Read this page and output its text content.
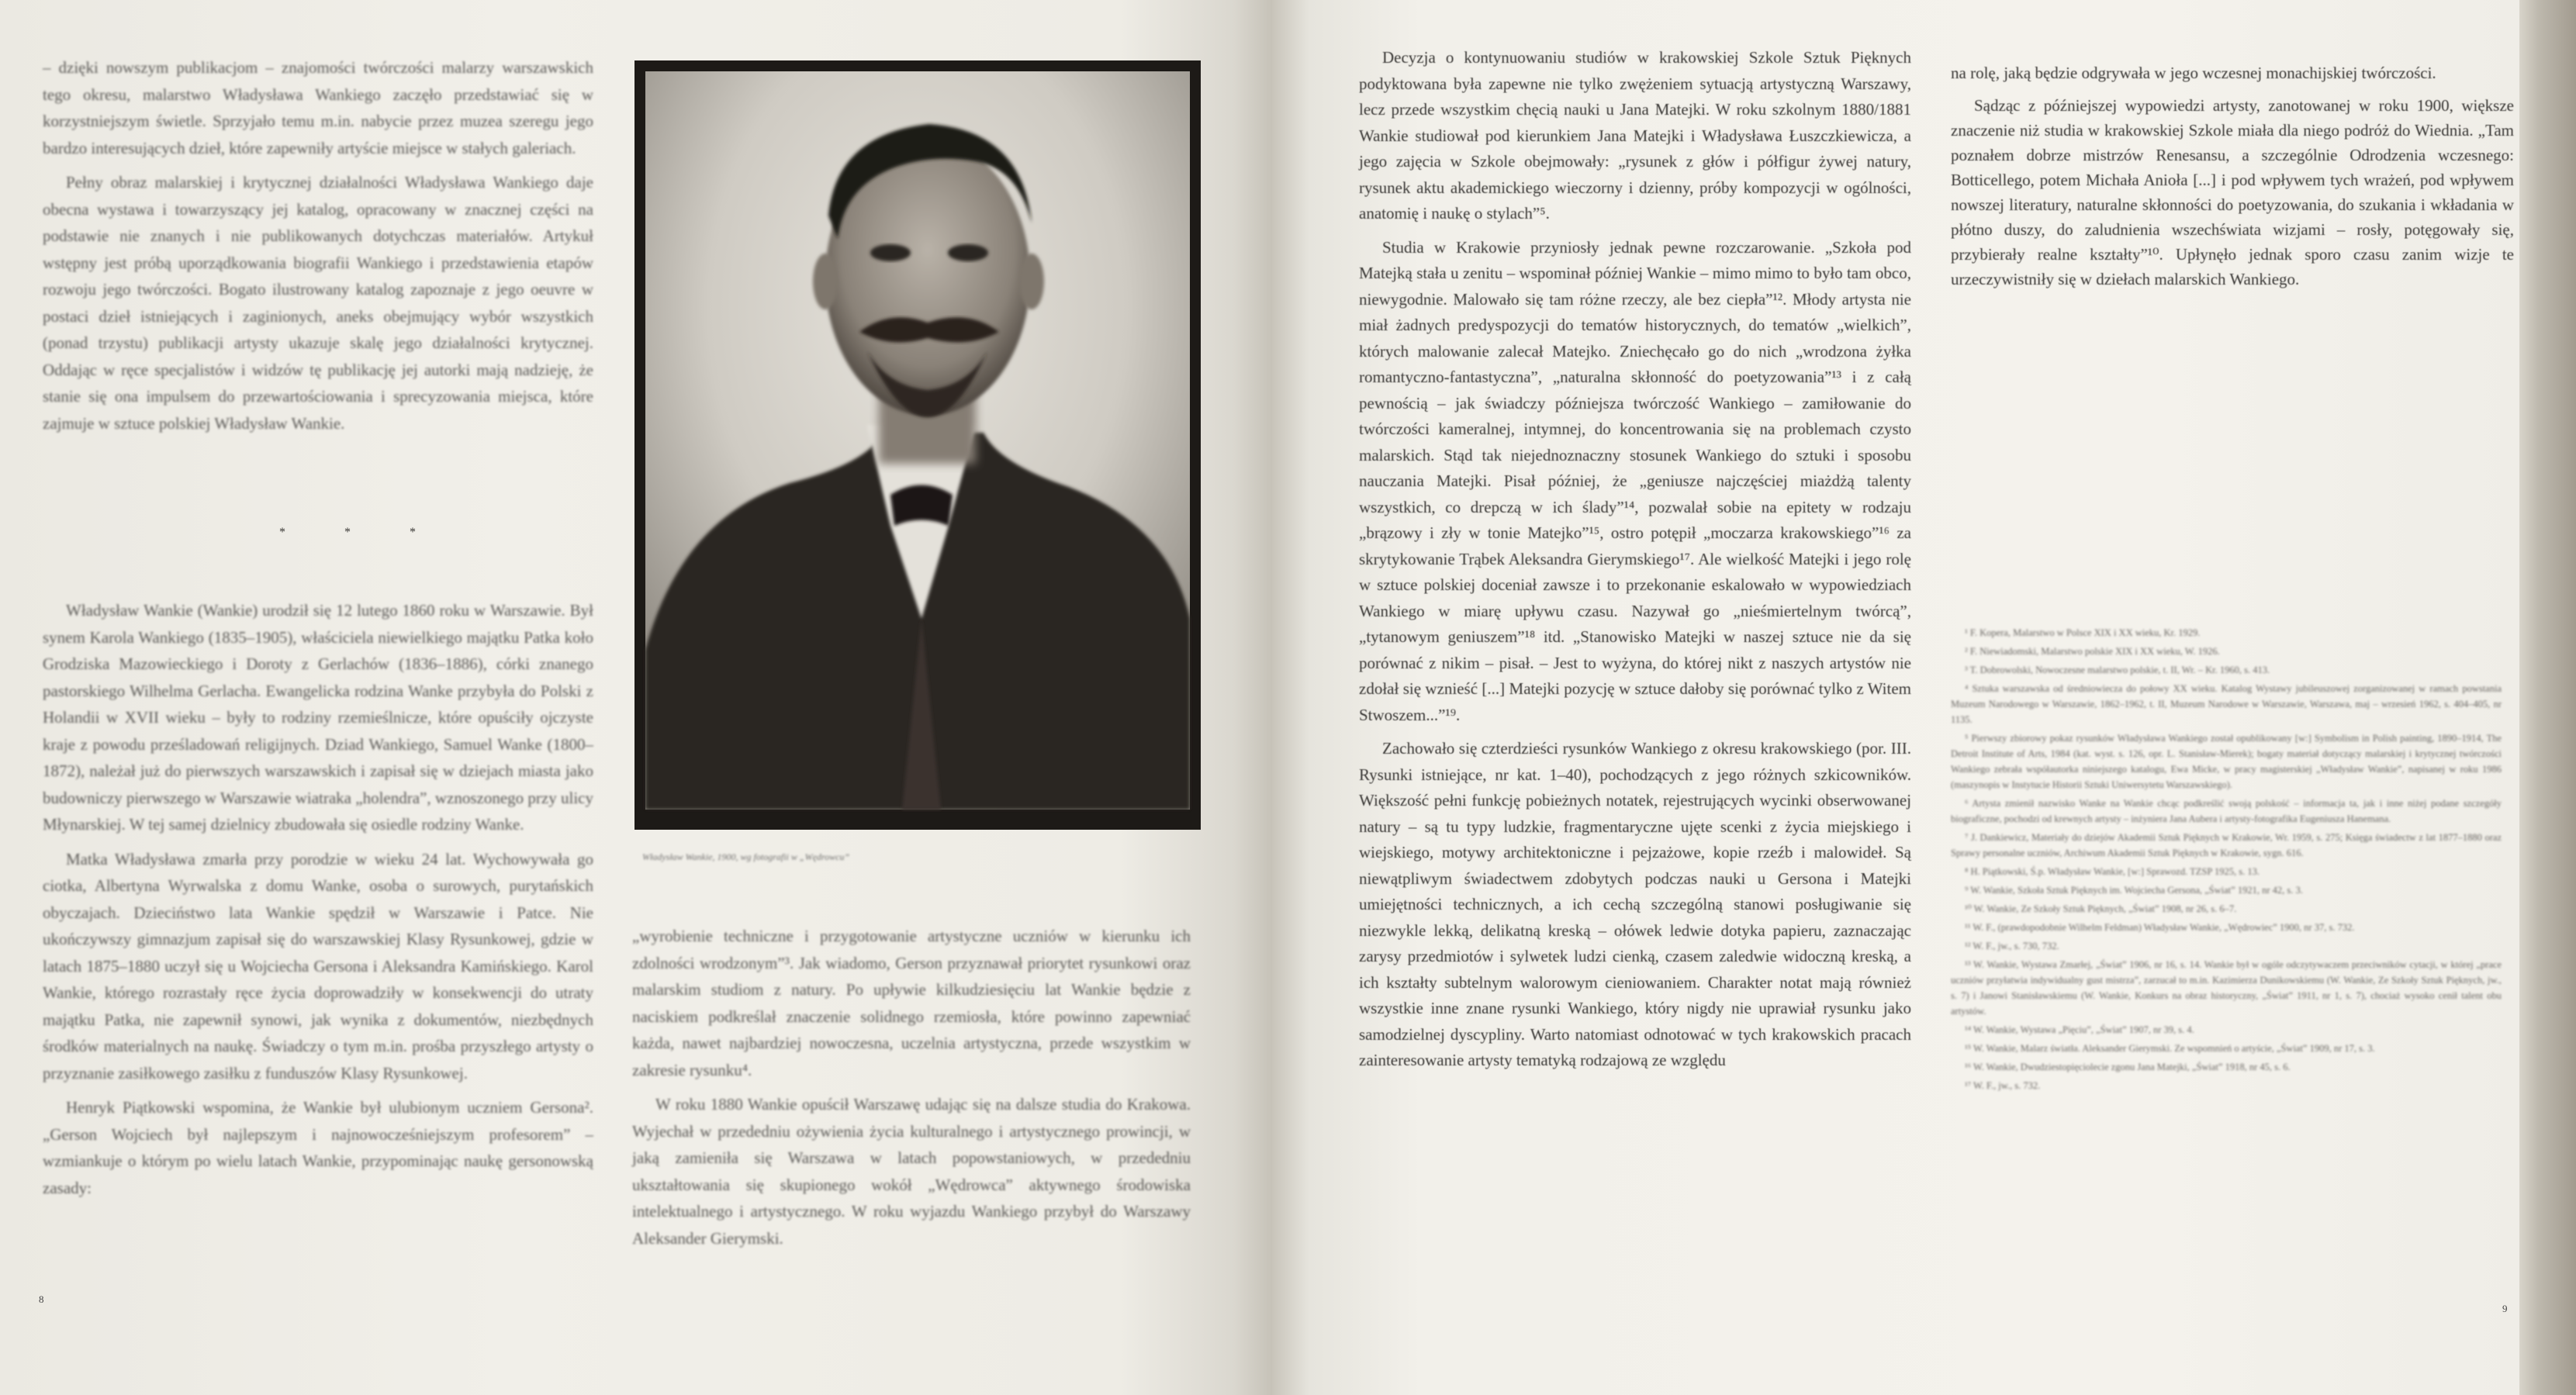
– dzięki nowszym publikacjom – znajomości twórczości malarzy warszawskich tego okresu, malarstwo Władysława Wankiego zaczęło przedstawiać się w korzystniejszym świetle. Sprzyjało temu m.in. nabycie przez muzea szeregu jego bardzo interesujących dzieł, które zapewniły artyście miejsce w stałych galeriach.

Pełny obraz malarskiej i krytycznej działalności Władysława Wankiego daje obecna wystawa i towarzyszący jej katalog, opracowany w znacznej części na podstawie nie znanych i nie publikowanych dotychczas materiałów. Artykuł wstępny jest próbą uporządkowania biografii Wankiego i przedstawienia etapów rozwoju jego twórczości. Bogato ilustrowany katalog zapoznaje z jego oeuvre w postaci dzieł istniejących i zaginionych, aneks obejmujący wybór wszystkich (ponad trzystu) publikacji artysty ukazuje skalę jego działalności krytycznej. Oddając w ręce specjalistów i widzów tę publikację jej autorki mają nadzieję, że stanie się ona impulsem do przewartościowania i sprecyzowania miejsca, które zajmuje w sztuce polskiej Władysław Wankie.

* * *

Władysław Wankie (Wankie) urodził się 12 lutego 1860 roku w Warszawie. Był synem Karola Wankiego (1835–1905), właściciela niewielkiego majątku Patka koło Grodziska Mazowieckiego i Doroty z Gerlachów (1836–1886), córki znanego pastorskiego Wilhelma Gerlacha. Ewangelicka rodzina Wanke przybyła do Polski z Holandii w XVII wieku – były to rodziny rzemieślnicze, które opuściły ojczyste kraje z powodu prześladowań religijnych. Dziad Wankiego, Samuel Wanke (1800–1872), należał już do pierwszych warszawskich i zapisał się w dziejach miasta jako budowniczy pierwszego w Warszawie wiatraka „holendra”, wznoszonego przy ulicy Młynarskiej. W tej samej dzielnicy zbudowała się osiedle rodziny Wanke.

Matka Władysława zmarła przy porodzie w wieku 24 lat. Wychowywała go ciotka, Albertyna Wyrwalska z domu Wanke, osoba o surowych, purytańskich obyczajach. Dzieciństwo lata Wankie spędził w Warszawie i Patce. Nie ukończywszy gimnazjum zapisał się do warszawskiej Klasy Rysunkowej, gdzie w latach 1875–1880 uczył się u Wojciecha Gersona i Aleksandra Kamińskiego. Karol Wankie, którego rozrastały ręce życia doprowadziły w konsekwencji do utraty majątku Patka, nie zapewnił synowi, jak wynika z dokumentów, niezbędnych środków materialnych na naukę. Świadczy o tym m.in. prośba przyszłego artysty o przyznanie zasiłkowego zasiłku z funduszów Klasy Rysunkowej.

Henryk Piątkowski wspomina, że Wankie był ulubionym uczniem Gersona². „Gerson Wojciech był najlepszym i najnowocześniejszym profesorem” – wzmiankuje o którym po wielu latach Wankie, przypominając naukę gersonowską zasady:

Władysław Wankie, 1900, wg fotografii w „Wędrowcu”

„wyrobienie techniczne i przygotowanie artystyczne uczniów w kierunku ich zdolności wrodzonym”³. Jak wiadomo, Gerson przyznawał priorytet rysunkowi oraz malarskim studiom z natury. Po upływie kilkudziesięciu lat Wankie będzie z naciskiem podkreślał znaczenie solidnego rzemiosła, które powinno zapewniać każda, nawet najbardziej nowoczesna, uczelnia artystyczna, przede wszystkim w zakresie rysunku⁴.

W roku 1880 Wankie opuścił Warszawę udając się na dalsze studia do Krakowa. Wyjechał w przededniu ożywienia życia kulturalnego i artystycznego prowincji, w jaką zamieniła się Warszawa w latach popowstaniowych, w przededniu ukształtowania się skupionego wokół „Wędrowca” aktywnego środowiska intelektualnego i artystycznego. W roku wyjazdu Wankiego przybył do Warszawy Aleksander Gierymski.

8

Decyzja o kontynuowaniu studiów w krakowskiej Szkole Sztuk Pięknych podyktowana była zapewne nie tylko zwężeniem sytuacją artystyczną Warszawy, lecz przede wszystkim chęcią nauki u Jana Matejki. W roku szkolnym 1880/1881 Wankie studiował pod kierunkiem Jana Matejki i Władysława Łuszczkiewicza, a jego zajęcia w Szkole obejmowały: „rysunek z głów i półfigur żywej natury, rysunek aktu akademickiego wieczorny i dzienny, próby kompozycji w ogólności, anatomię i naukę o stylach”⁵.

Studia w Krakowie przyniosły jednak pewne rozczarowanie. „Szkoła pod Matejką stała u zenitu – wspominał później Wankie – mimo mimo to było tam obco, niewygodnie. Malowało się tam różne rzeczy, ale bez ciepła”¹². Młody artysta nie miał żadnych predyspozycji do tematów historycznych, do tematów „wielkich”, których malowanie zalecał Matejko. Zniechęcało go do nich „wrodzona żyłka romantyczno-fantastyczna”, „naturalna skłonność do poetyzowania”¹³ i z całą pewnością – jak świadczy późniejsza twórczość Wankiego – zamiłowanie do twórczości kameralnej, intymnej, do koncentrowania się na problemach czysto malarskich. Stąd tak niejednoznaczny stosunek Wankiego do sztuki i sposobu nauczania Matejki. Pisał później, że „geniusze najczęściej miażdżą talenty wszystkich, co drepczą w ich ślady”¹⁴, pozwalał sobie na epitety w rodzaju „brązowy i zły w tonie Matejko”¹⁵, ostro potępił „moczarza krakowskiego”¹⁶ za skrytykowanie Trąbek Aleksandra Gierymskiego¹⁷. Ale wielkość Matejki i jego rolę w sztuce polskiej doceniał zawsze i to przekonanie eskalowało w wypowiedziach Wankiego w miarę upływu czasu. Nazywał go „nieśmiertelnym twórcą”, „tytanowym geniuszem”¹⁸ itd. „Stanowisko Matejki w naszej sztuce nie da się porównać z nikim – pisał. – Jest to wyżyna, do której nikt z naszych artystów nie zdołał się wznieść [...] Matejki pozycję w sztuce dałoby się porównać tylko z Witem Stwoszem...”¹⁹.

Zachowało się czterdzieści rysunków Wankiego z okresu krakowskiego (por. III. Rysunki istniejące, nr kat. 1–40), pochodzących z jego różnych szkicowników. Większość pełni funkcję pobieżnych notatek, rejestrujących wycinki obserwowanej natury – są tu typy ludzkie, fragmentaryczne ujęte scenki z życia miejskiego i wiejskiego, motywy architektoniczne i pejzażowe, kopie rzeźb i malowideł. Są niewątpliwym świadectwem zdobytych podczas nauki u Gersona i Matejki umiejętności technicznych, a ich cechą szczególną stanowi posługiwanie się niezwykle lekką, delikatną kreską – ołówek ledwie dotyka papieru, zaznaczając zarysy przedmiotów i sylwetek ludzi cienką, czasem zaledwie widoczną kreską, a ich kształty subtelnym walorowym cieniowaniem. Charakter notat mają również wszystkie inne znane rysunki Wankiego, który nigdy nie uprawiał rysunku jako samodzielnej dyscypliny. Warto natomiast odnotować w tych krakowskich pracach zainteresowanie artysty tematyką rodzajową ze względu

na rolę, jaką będzie odgrywała w jego wczesnej monachijskiej twórczości.

Sądząc z późniejszej wypowiedzi artysty, zanotowanej w roku 1900, większe znaczenie niż studia w krakowskiej Szkole miała dla niego podróż do Wiednia. „Tam poznałem dobrze mistrzów Renesansu, a szczególnie Odrodzenia wczesnego: Botticellego, potem Michała Anioła [...] i pod wpływem tych wrażeń, pod wpływem nowszej literatury, naturalne skłonności do poetyzowania, do szukania i wkładania w płótno duszy, do zaludnienia wszechświata wizjami – rosły, potęgowały się, przybierały realne kształty”¹⁰. Upłynęło jednak sporo czasu zanim wizje te urzeczywistniły się w dziełach malarskich Wankiego.

¹ F. Kopera, Malarstwo w Polsce XIX i XX wieku, Kr. 1929.
² F. Niewiadomski, Malarstwo polskie XIX i XX wieku, W. 1926.
³ T. Dobrowolski, Nowoczesne malarstwo polskie, t. II, Wr. – Kr. 1960, s. 413.
⁴ Sztuka warszawska od średniowiecza do połowy XX wieku. Katalog Wystawy jubileuszowej zorganizowanej w ramach powstania Muzeum Narodowego w Warszawie, 1862–1962, t. II, Muzeum Narodowe w Warszawie, Warszawa, maj – wrzesień 1962, s. 404–405, nr 1135.
⁵ Pierwszy zbiorowy pokaz rysunków Władysława Wankiego został opublikowany [w:] Symbolism in Polish painting, 1890–1914, The Detroit Institute of Arts, 1984 (kat. wyst. s. 126, opr. L. Stanisław-Mierek); bogaty materiał dotyczący malarskiej i krytycznej twórczości Wankiego zebrała współautorka niniejszego katalogu, Ewa Micke, w pracy magisterskiej „Władysław Wankie”, napisanej w roku 1986 (maszynopis w Instytucie Historii Sztuki Uniwersytetu Warszawskiego).
⁶ Artysta zmienił nazwisko Wanke na Wankie chcąc podkreślić swoją polskość – informacja ta, jak i inne niżej podane szczegóły biograficzne, pochodzi od krewnych artysty – inżyniera Jana Aubera i artysty-fotografika Eugeniusza Hanemana.
⁷ J. Dankiewicz, Materiały do dziejów Akademii Sztuk Pięknych w Krakowie, Wr. 1959, s. 275; Księga świadectw z lat 1877–1880 oraz Sprawy personalne uczniów, Archiwum Akademii Sztuk Pięknych w Krakowie, sygn. 616.
⁸ H. Piątkowski, Ś.p. Władysław Wankie, [w:] Sprawozd. TZSP 1925, s. 13.
⁹ W. Wankie, Szkoła Sztuk Pięknych im. Wojciecha Gersona, „Świat” 1921, nr 42, s. 3.
¹⁰ W. Wankie, Ze Szkoły Sztuk Pięknych, „Świat” 1908, nr 26, s. 6–7.
¹¹ W. F., (prawdopodobnie Wilhelm Feldman) Władysław Wankie, „Wędrowiec” 1900, nr 37, s. 732.
¹² W. F., jw., s. 730, 732.
¹³ W. Wankie, Wystawa Zmarłej, „Świat” 1906, nr 16, s. 14. Wankie był w ogóle odczytywaczem przeciwników cytacji, w której „prace uczniów przyłatwia indywidualny gust mistrza”, zarzucał to m.in. Kazimierza Dunikowskiemu (W. Wankie, Ze Szkoły Sztuk Pięknych, jw., s. 7) i Janowi Stanisławskiemu (W. Wankie, Konkurs na obraz historyczny, „Świat” 1911, nr 1, s. 7), chociaż wysoko cenił talent obu artystów.
¹⁴ W. Wankie, Wystawa „Pięciu”, „Świat” 1907, nr 39, s. 4.
¹⁵ W. Wankie, Malarz światła. Aleksander Gierymski. Ze wspomnień o artyście, „Świat” 1909, nr 17, s. 3.
¹⁶ W. Wankie, Dwudziestopięciolecie zgonu Jana Matejki, „Świat” 1918, nr 45, s. 6.
¹⁷ W. F., jw., s. 732.
9
